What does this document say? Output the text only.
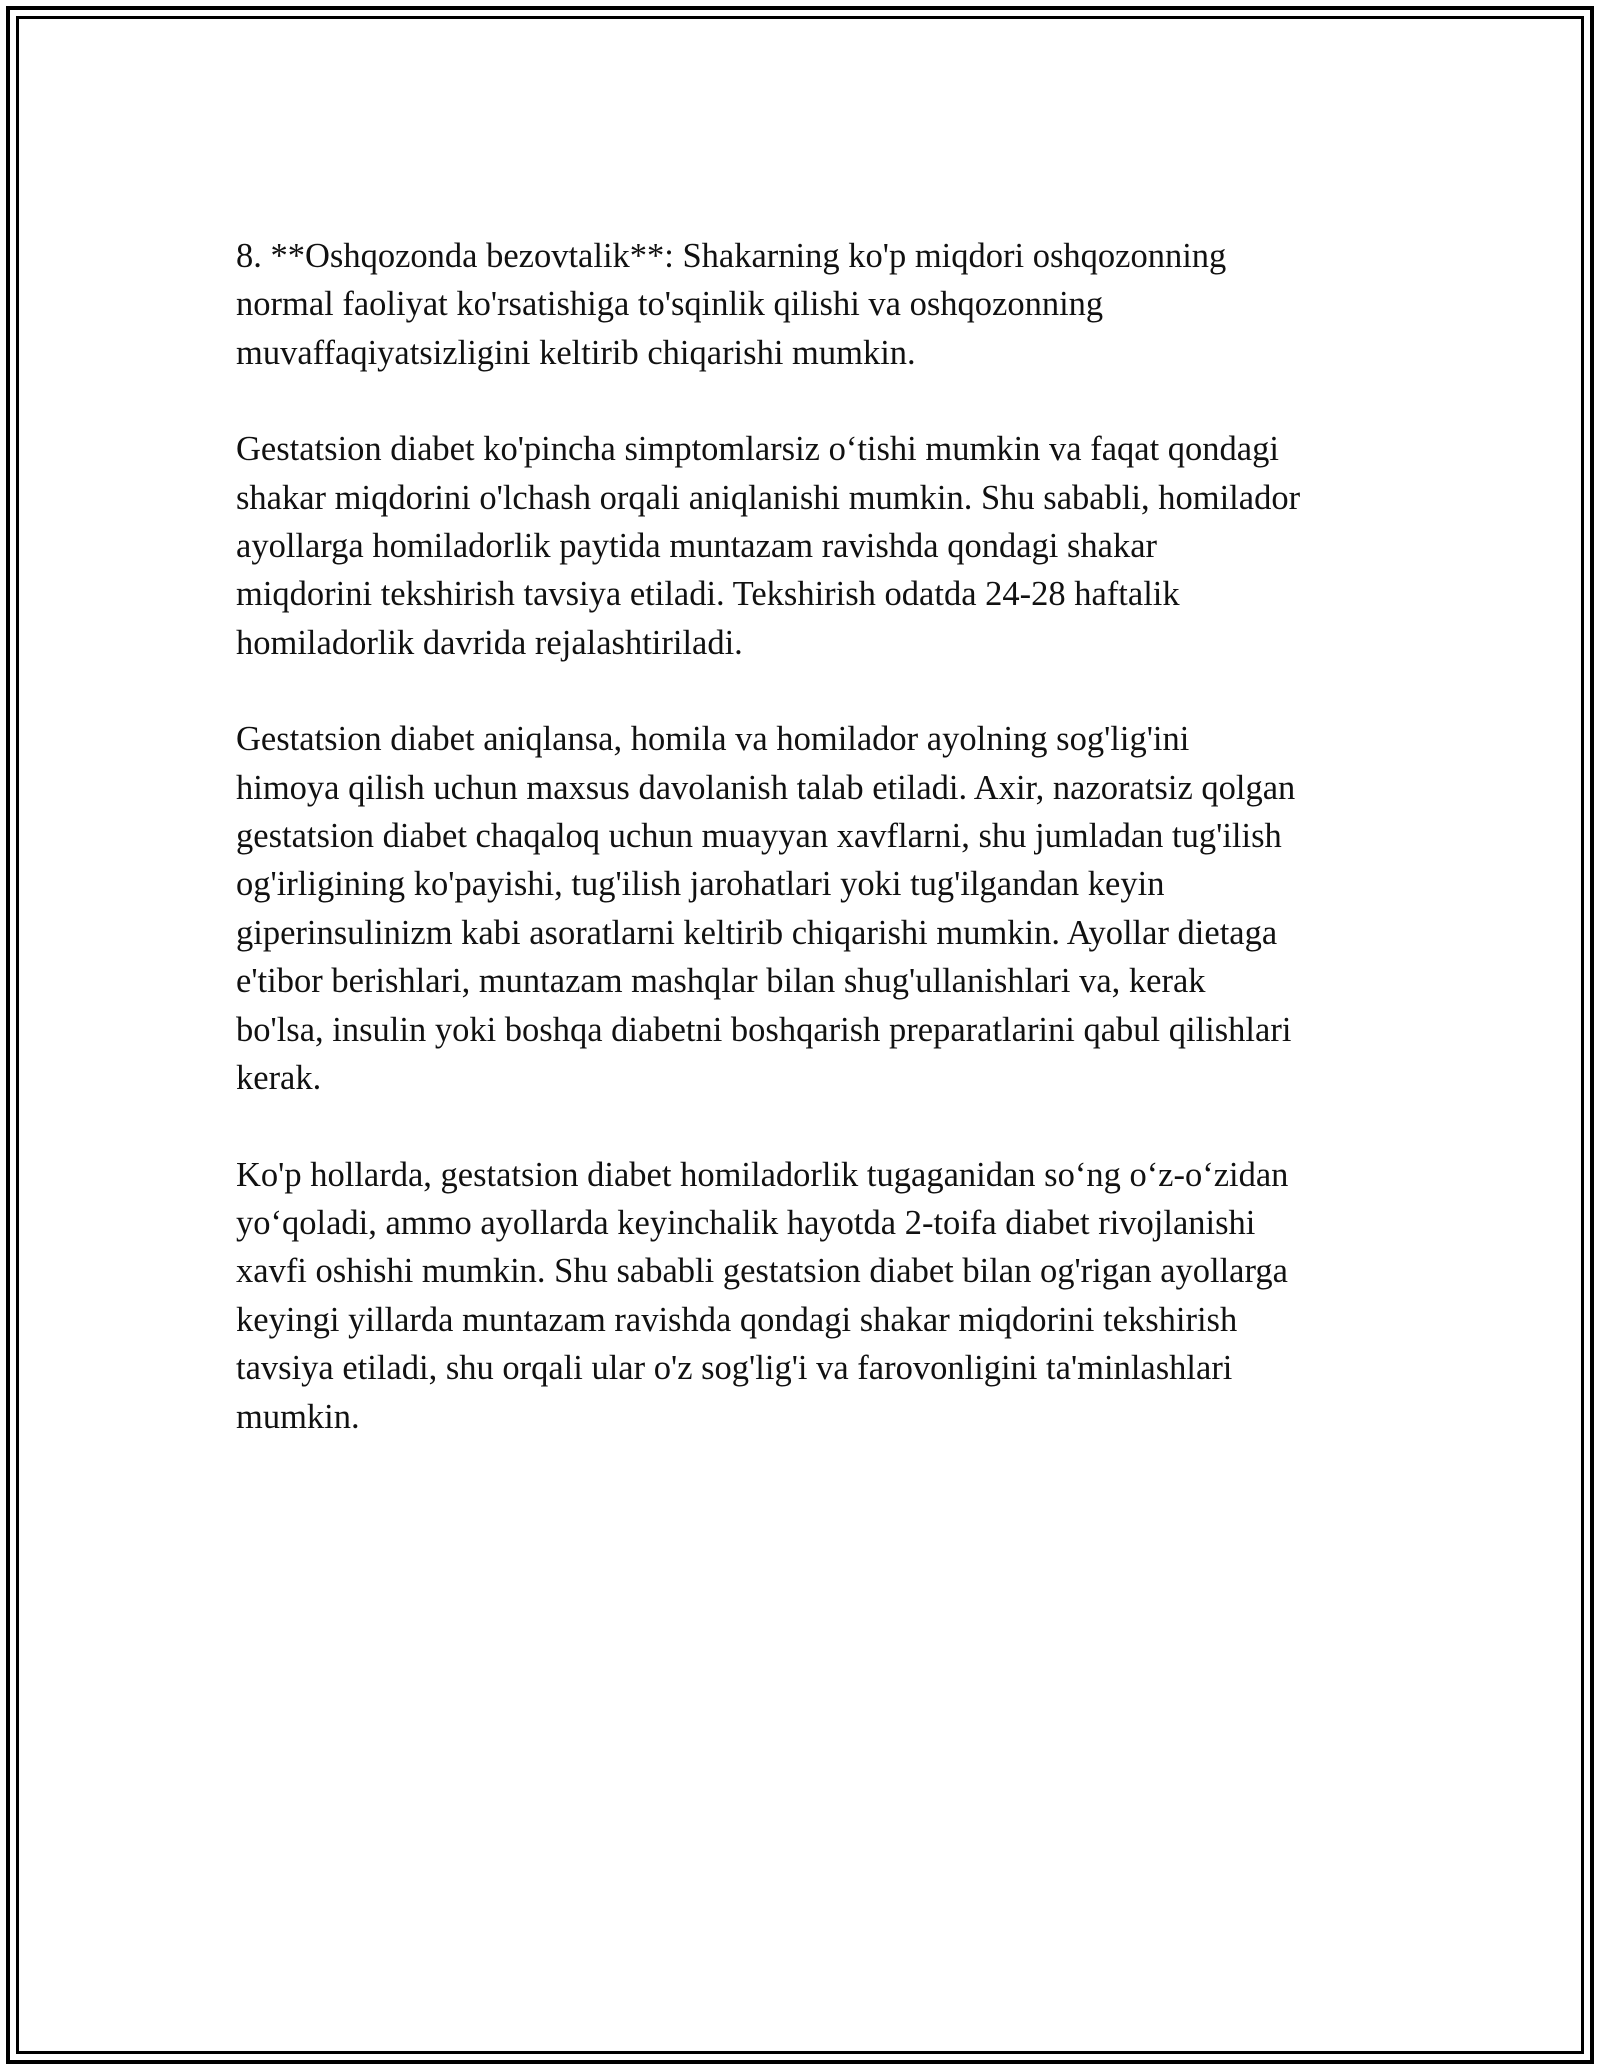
8. **Oshqozonda bezovtalik**: Shakarning ko'p miqdori oshqozonning
normal faoliyat ko'rsatishiga to'sqinlik qilishi va oshqozonning
muvaffaqiyatsizligini keltirib chiqarishi mumkin.

Gestatsion diabet ko'pincha simptomlarsiz o‘tishi mumkin va faqat qondagi
shakar miqdorini o'lchash orqali aniqlanishi mumkin. Shu sababli, homilador
ayollarga homiladorlik paytida muntazam ravishda qondagi shakar
miqdorini tekshirish tavsiya etiladi. Tekshirish odatda 24-28 haftalik
homiladorlik davrida rejalashtiriladi.

Gestatsion diabet aniqlansa, homila va homilador ayolning sog'lig'ini
himoya qilish uchun maxsus davolanish talab etiladi. Axir, nazoratsiz qolgan
gestatsion diabet chaqaloq uchun muayyan xavflarni, shu jumladan tug'ilish
og'irligining ko'payishi, tug'ilish jarohatlari yoki tug'ilgandan keyin
giperinsulinizm kabi asoratlarni keltirib chiqarishi mumkin. Ayollar dietaga
e'tibor berishlari, muntazam mashqlar bilan shug'ullanishlari va, kerak
bo'lsa, insulin yoki boshqa diabetni boshqarish preparatlarini qabul qilishlari
kerak.

Ko'p hollarda, gestatsion diabet homiladorlik tugaganidan so‘ng o‘z-o‘zidan
yo‘qoladi, ammo ayollarda keyinchalik hayotda 2-toifa diabet rivojlanishi
xavfi oshishi mumkin. Shu sababli gestatsion diabet bilan og'rigan ayollarga
keyingi yillarda muntazam ravishda qondagi shakar miqdorini tekshirish
tavsiya etiladi, shu orqali ular o'z sog'lig'i va farovonligini ta'minlashlari
mumkin.
